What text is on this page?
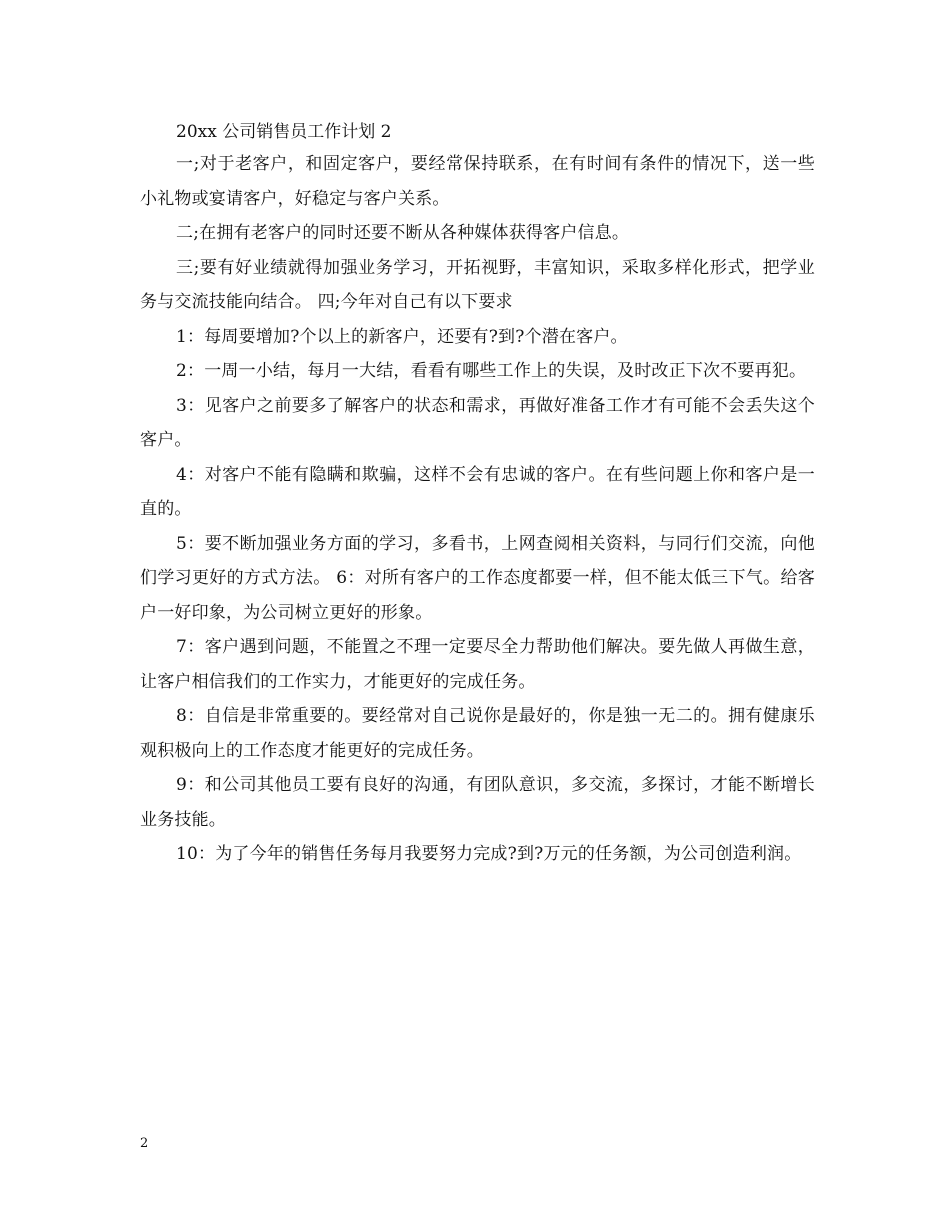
20xx 公司销售员工作计划 2

一;对于老客户，和固定客户，要经常保持联系，在有时间有条件的情况下，送一些小礼物或宴请客户，好稳定与客户关系。

二;在拥有老客户的同时还要不断从各种媒体获得客户信息。

三;要有好业绩就得加强业务学习，开拓视野，丰富知识，采取多样化形式，把学业务与交流技能向结合。 四;今年对自己有以下要求

1：每周要增加?个以上的新客户，还要有?到?个潜在客户。

2：一周一小结，每月一大结，看看有哪些工作上的失误，及时改正下次不要再犯。

3：见客户之前要多了解客户的状态和需求，再做好准备工作才有可能不会丢失这个客户。

4：对客户不能有隐瞒和欺骗，这样不会有忠诚的客户。在有些问题上你和客户是一直的。

5：要不断加强业务方面的学习，多看书，上网查阅相关资料，与同行们交流，向他们学习更好的方式方法。 6：对所有客户的工作态度都要一样，但不能太低三下气。给客户一好印象，为公司树立更好的形象。

7：客户遇到问题，不能置之不理一定要尽全力帮助他们解决。要先做人再做生意，让客户相信我们的工作实力，才能更好的完成任务。

8：自信是非常重要的。要经常对自己说你是最好的，你是独一无二的。拥有健康乐观积极向上的工作态度才能更好的完成任务。

9：和公司其他员工要有良好的沟通，有团队意识，多交流，多探讨，才能不断增长业务技能。

10：为了今年的销售任务每月我要努力完成?到?万元的任务额，为公司创造利润。

2
